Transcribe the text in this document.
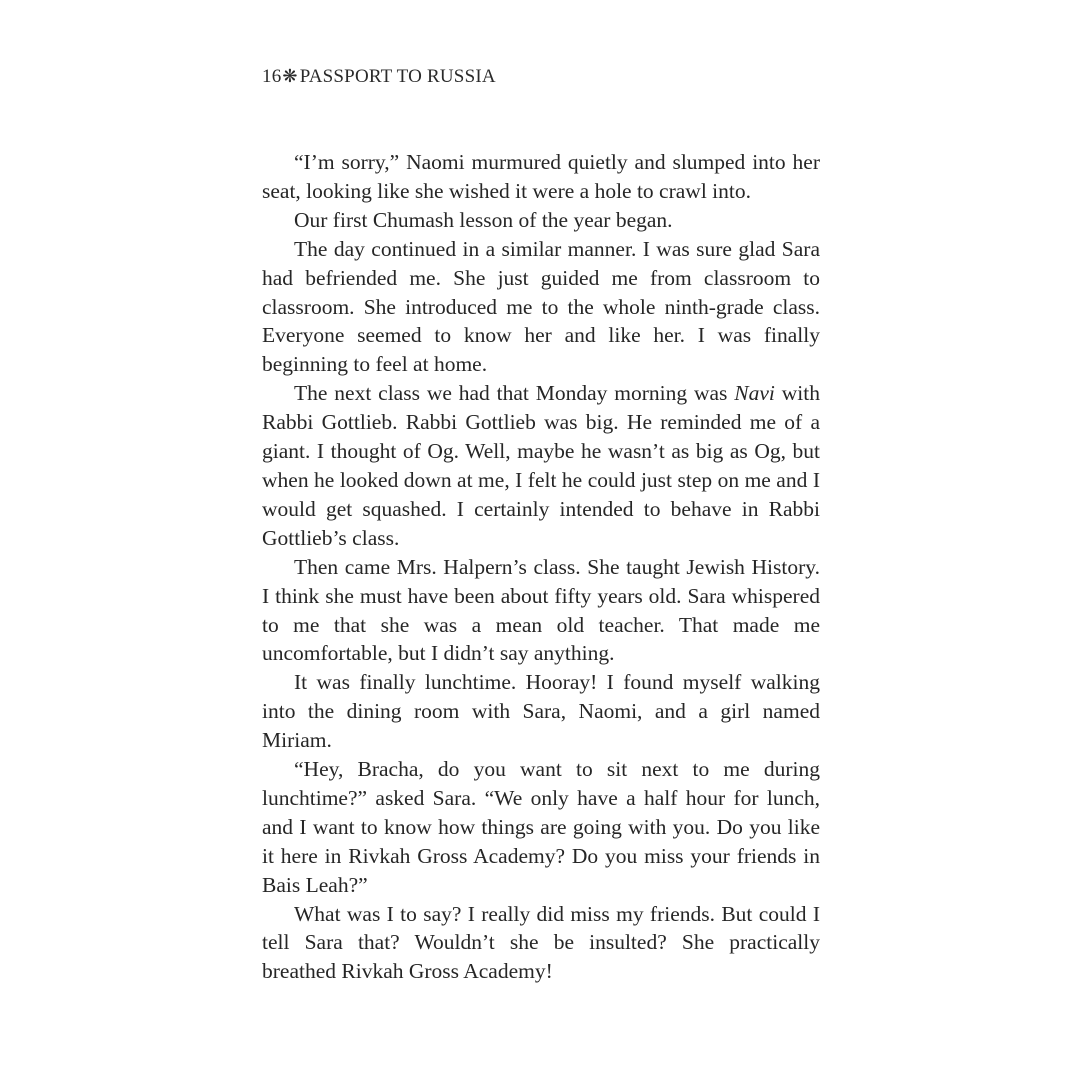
16❋ PASSPORT TO RUSSIA

“I’m sorry,” Naomi murmured quietly and slumped into her seat, looking like she wished it were a hole to crawl into.

Our first Chumash lesson of the year began.

The day continued in a similar manner. I was sure glad Sara had befriended me. She just guided me from classroom to classroom. She introduced me to the whole ninth-grade class. Everyone seemed to know her and like her. I was finally beginning to feel at home.

The next class we had that Monday morning was Navi with Rabbi Gottlieb. Rabbi Gottlieb was big. He reminded me of a giant. I thought of Og. Well, maybe he wasn’t as big as Og, but when he looked down at me, I felt he could just step on me and I would get squashed. I certainly intended to behave in Rabbi Gottlieb’s class.

Then came Mrs. Halpern’s class. She taught Jewish History. I think she must have been about fifty years old. Sara whispered to me that she was a mean old teacher. That made me uncomfortable, but I didn’t say anything.

It was finally lunchtime. Hooray! I found myself walking into the dining room with Sara, Naomi, and a girl named Miriam.

“Hey, Bracha, do you want to sit next to me during lunchtime?” asked Sara. “We only have a half hour for lunch, and I want to know how things are going with you. Do you like it here in Rivkah Gross Academy? Do you miss your friends in Bais Leah?”

What was I to say? I really did miss my friends. But could I tell Sara that? Wouldn’t she be insulted? She practically breathed Rivkah Gross Academy!
